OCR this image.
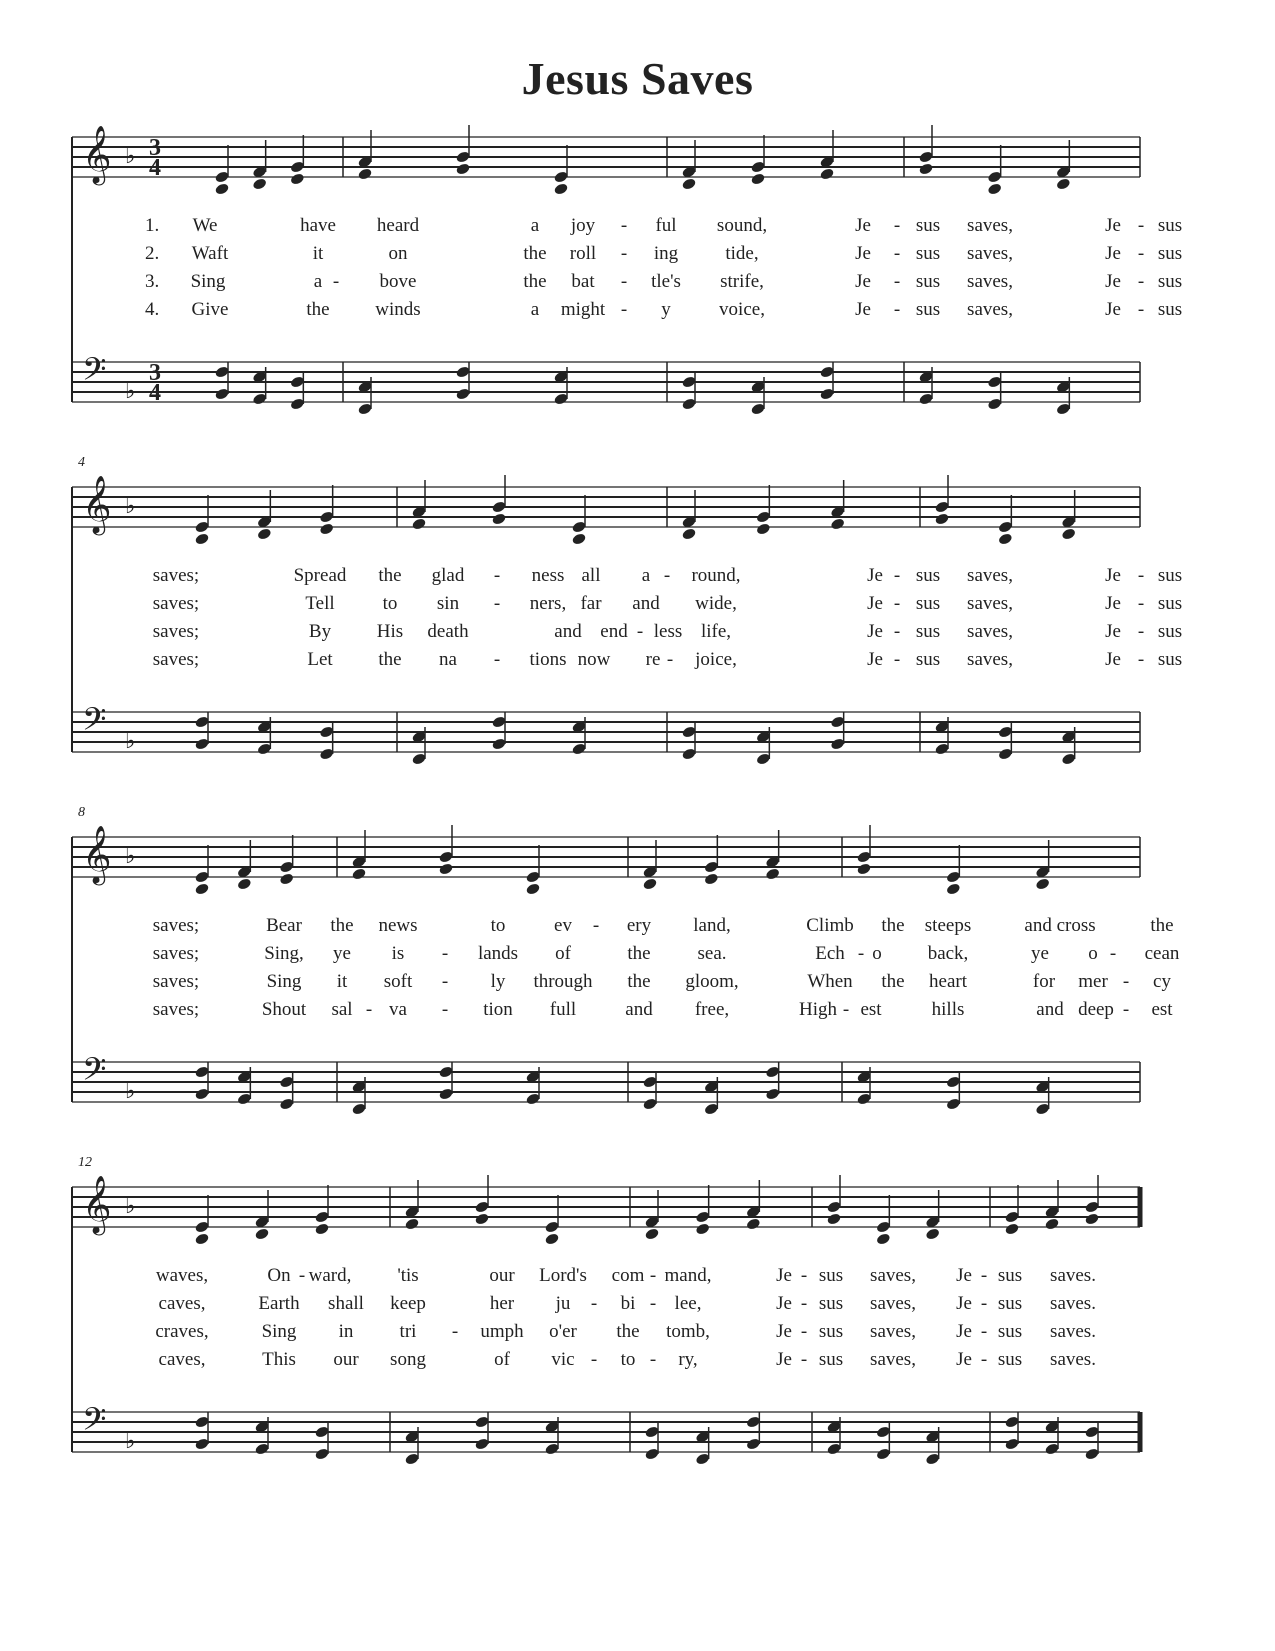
Jesus Saves
𝄞 ♭ 3
4
𝄢 ♭
3
4
1. We	have heard	a joy - ful sound,	Je - sus saves,	Je - sus
2. Waft	it	on	the roll - ing tide,	Je - sus saves,	Je - sus
3. Sing	a - bove	the bat - tle's strife,	Je - sus saves,	Je - sus
4. Give	the winds	a might - y	voice,	Je - sus saves,	Je - sus
𝄞 ♭
𝄢 ♭
4
saves;	Spread the glad - ness all a - round,	Je - sus saves,	Je - sus
saves;	Tell	to sin - ners, far and wide,	Je - sus saves,	Je - sus
saves;	By His death	and end - less life,	Je - sus saves,	Je - sus
saves;	Let the na - tions now re - joice,	Je - sus saves,	Je - sus
𝄞 ♭
𝄢 ♭
8
saves;	Bear the news	to	ev - ery land,	Climb the steeps	and cross	the
saves;	Sing, ye is - lands of	the sea.	Ech - o back,	ye o - cean
saves;	Sing it soft - ly through the gloom,	When the heart	for mer - cy
saves;	Shout sal - va - tion full	and free,	High - est	hills	and deep - est
𝄞 ♭
𝄢 ♭
12
waves,	On - ward, 'tis	our Lord's com - mand,	Je - sus saves, Je - sus saves.
caves,	Earth shall keep	her ju - bi - lee,	Je - sus saves, Je - sus saves.
craves,	Sing in tri - umph o'er the tomb,	Je - sus saves, Je - sus saves.
caves,	This our song	of vic - to - ry,	Je - sus saves, Je - sus saves.
